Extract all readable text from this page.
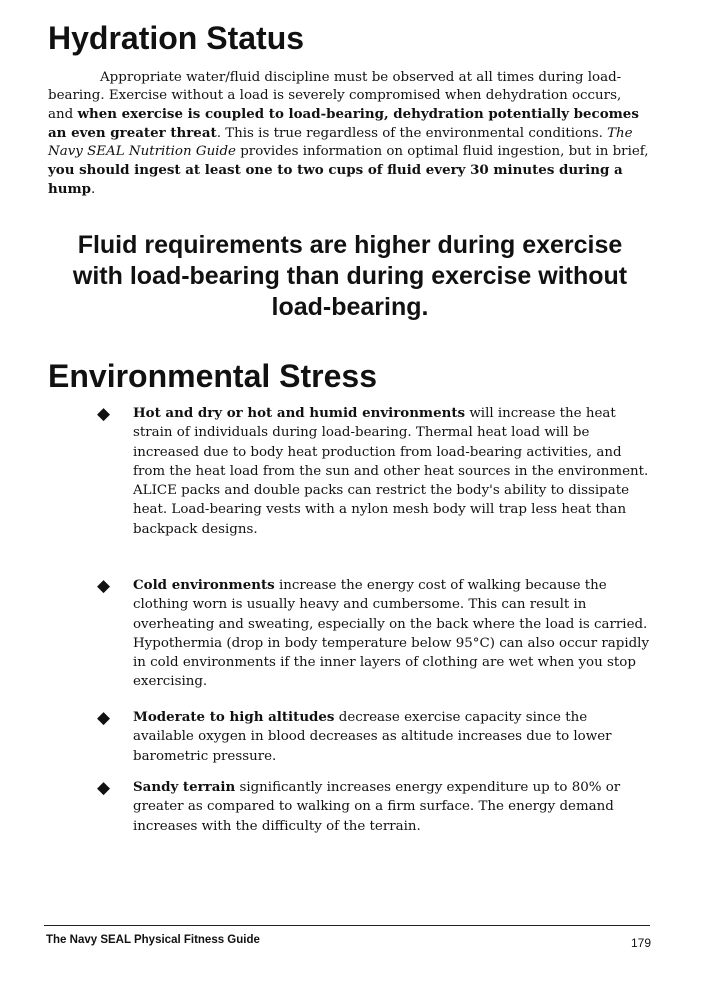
Hydration Status

Appropriate water/fluid discipline must be observed at all times during load-bearing. Exercise without a load is severely compromised when dehydration occurs, and when exercise is coupled to load-bearing, dehydration potentially becomes an even greater threat. This is true regardless of the environmental conditions. The Navy SEAL Nutrition Guide provides information on optimal fluid ingestion, but in brief, you should ingest at least one to two cups of fluid every 30 minutes during a hump.

Fluid requirements are higher during exercise with load-bearing than during exercise without load-bearing.

Environmental Stress
◆ Hot and dry or hot and humid environments will increase the heat strain of individuals during load-bearing. Thermal heat load will be increased due to body heat production from load-bearing activities, and from the heat load from the sun and other heat sources in the environment. ALICE packs and double packs can restrict the body's ability to dissipate heat. Load-bearing vests with a nylon mesh body will trap less heat than backpack designs.

◆ Cold environments increase the energy cost of walking because the clothing worn is usually heavy and cumbersome. This can result in overheating and sweating, especially on the back where the load is carried. Hypothermia (drop in body temperature below 95°C) can also occur rapidly in cold environments if the inner layers of clothing are wet when you stop exercising.

◆ Moderate to high altitudes decrease exercise capacity since the available oxygen in blood decreases as altitude increases due to lower barometric pressure.

◆ Sandy terrain significantly increases energy expenditure up to 80% or greater as compared to walking on a firm surface. The energy demand increases with the difficulty of the terrain.

The Navy SEAL Physical Fitness Guide	179
